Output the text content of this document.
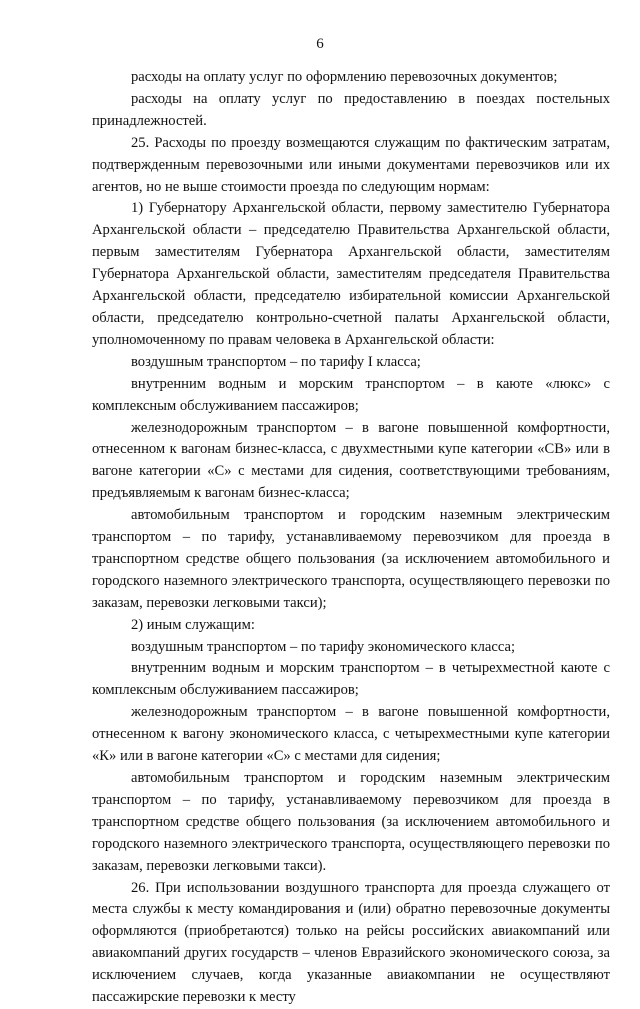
6

расходы на оплату услуг по оформлению перевозочных документов;

расходы на оплату услуг по предоставлению в поездах постельных принадлежностей.

25. Расходы по проезду возмещаются служащим по фактическим затратам, подтвержденным перевозочными или иными документами перевозчиков или их агентов, но не выше стоимости проезда по следующим нормам:

1) Губернатору Архангельской области, первому заместителю Губернатора Архангельской области – председателю Правительства Архангельской области, первым заместителям Губернатора Архангельской области, заместителям Губернатора Архангельской области, заместителям председателя Правительства Архангельской области, председателю избирательной комиссии Архангельской области, председателю контрольно-счетной палаты Архангельской области, уполномоченному по правам человека в Архангельской области:

воздушным транспортом – по тарифу I класса;

внутренним водным и морским транспортом – в каюте «люкс» с комплексным обслуживанием пассажиров;

железнодорожным транспортом – в вагоне повышенной комфортности, отнесенном к вагонам бизнес-класса, с двухместными купе категории «СВ» или в вагоне категории «С» с местами для сидения, соответствующими требованиям, предъявляемым к вагонам бизнес-класса;

автомобильным транспортом и городским наземным электрическим транспортом – по тарифу, устанавливаемому перевозчиком для проезда в транспортном средстве общего пользования (за исключением автомобильного и городского наземного электрического транспорта, осуществляющего перевозки по заказам, перевозки легковыми такси);

2) иным служащим:

воздушным транспортом – по тарифу экономического класса;

внутренним водным и морским транспортом – в четырехместной каюте с комплексным обслуживанием пассажиров;

железнодорожным транспортом – в вагоне повышенной комфортности, отнесенном к вагону экономического класса, с четырехместными купе категории «К» или в вагоне категории «С» с местами для сидения;

автомобильным транспортом и городским наземным электрическим транспортом – по тарифу, устанавливаемому перевозчиком для проезда в транспортном средстве общего пользования (за исключением автомобильного и городского наземного электрического транспорта, осуществляющего перевозки по заказам, перевозки легковыми такси).

26. При использовании воздушного транспорта для проезда служащего от места службы к месту командирования и (или) обратно перевозочные документы оформляются (приобретаются) только на рейсы российских авиакомпаний или авиакомпаний других государств – членов Евразийского экономического союза, за исключением случаев, когда указанные авиакомпании не осуществляют пассажирские перевозки к месту
